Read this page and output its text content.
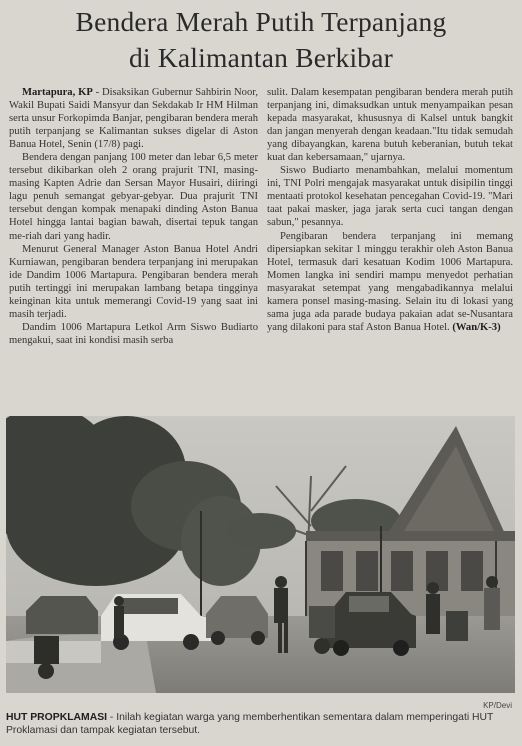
Bendera Merah Putih Terpanjang
di Kalimantan Berkibar

Martapura, KP - Disaksikan Gubernur Sahbirin Noor, Wakil Bupati Saidi Mansyur dan Sekdakab Ir HM Hilman serta unsur Forkopimda Banjar, pengibaran bendera merah putih terpanjang se Kalimantan sukses digelar di Aston Banua Hotel, Senin (17/8) pagi.

Bendera dengan panjang 100 meter dan lebar 6,5 meter tersebut dikibarkan oleh 2 orang prajurit TNI, masing-masing Kapten Adrie dan Sersan Mayor Husairi, diiringi lagu penuh semangat gebyar-gebyar. Dua prajurit TNI tersebut dengan kompak menapaki dinding Aston Banua Hotel hingga lantai bagian bawah, disertai tepuk tangan me-riah dari yang hadir.

Menurut General Manager Aston Banua Hotel Andri Kurniawan, pengibaran bendera terpanjang ini merupakan ide Dandim 1006 Martapura. Pengibaran bendera merah putih tertinggi ini merupakan lambang betapa tingginya keinginan kita untuk memerangi Covid-19 yang saat ini masih terjadi.

Dandim 1006 Martapura Letkol Arm Siswo Budiarto mengakui, saat ini kondisi masih serba

sulit. Dalam kesempatan pengibaran bendera merah putih terpanjang ini, dimaksudkan untuk menyampaikan pesan kepada masyarakat, khususnya di Kalsel untuk bangkit dan jangan menyerah dengan keadaan."Itu tidak semudah yang dibayangkan, karena butuh keberanian, butuh tekat kuat dan kebersamaan," ujarnya.

Siswo Budiarto menambahkan, melalui momentum ini, TNI Polri mengajak masyarakat untuk disipilin tinggi mentaati protokol kesehatan pencegahan Covid-19. "Mari taat pakai masker, jaga jarak serta cuci tangan dengan sabun," pesannya.

Pengibaran bendera terpanjang ini memang dipersiapkan sekitar 1 minggu terakhir oleh Aston Banua Hotel, termasuk dari kesatuan Kodim 1006 Martapura. Momen langka ini sendiri mampu menyedot perhatian masyarakat setempat yang mengabadikannya melalui kamera ponsel masing-masing. Selain itu di lokasi yang sama juga ada parade budaya pakaian adat se-Nusantara yang dilakoni para staf Aston Banua Hotel. (Wan/K-3)

KP/Devi
HUT PROPKLAMASI - Inilah kegiatan warga yang memberhentikan sementara dalam memperingati HUT Proklamasi dan tampak kegiatan tersebut.
